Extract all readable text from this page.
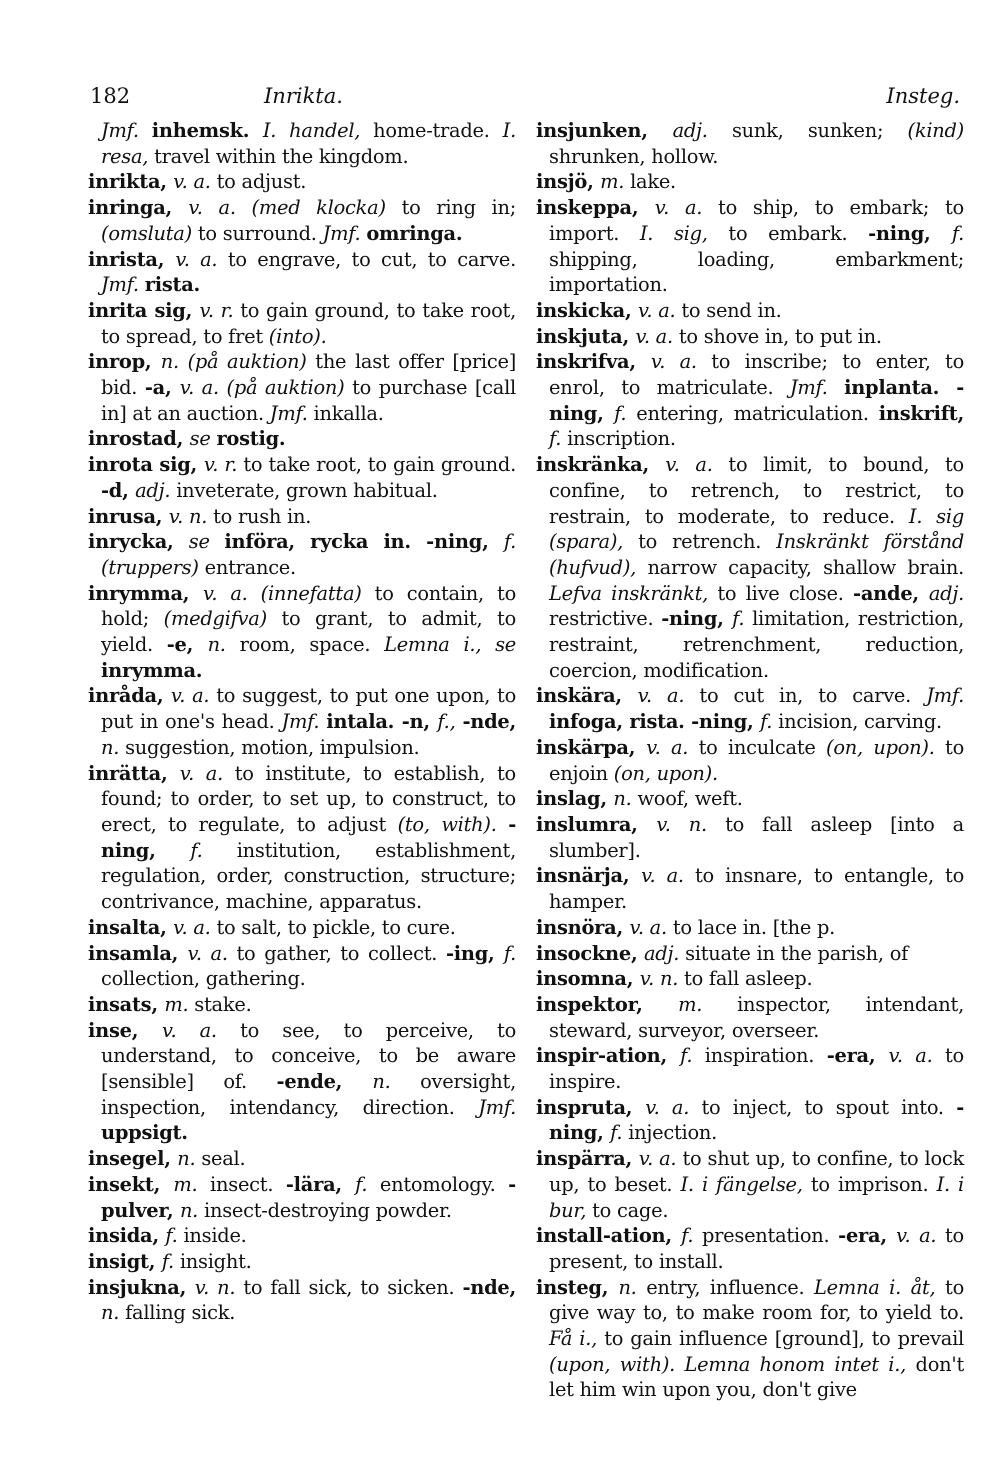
182	Inrikta.	Insteg.
Jmf. inhemsk. I. handel, home-trade. I. resa, travel within the kingdom.
inrikta, v. a. to adjust.
inringa, v. a. (med klocka) to ring in; (omsluta) to surround. Jmf. omringa.
inrista, v. a. to engrave, to cut, to carve. Jmf. rista.
inrita sig, v. r. to gain ground, to take root, to spread, to fret (into).
inrop, n. (på auktion) the last offer [price] bid. -a, v. a. (på auktion) to purchase [call in] at an auction. Jmf. inkalla.
inrostad, se rostig.
inrota sig, v. r. to take root, to gain ground. -d, adj. inveterate, grown habitual.
inrusa, v. n. to rush in.
inrycka, se införa, rycka in. -ning, f. (truppers) entrance.
inrymma, v. a. (innefatta) to contain, to hold; (medgifva) to grant, to admit, to yield. -e, n. room, space. Lemna i., se inrymma.
inråda, v. a. to suggest, to put one upon, to put in one's head. Jmf. intala. -n, f., -nde, n. suggestion, motion, impulsion.
inrätta, v. a. to institute, to establish, to found; to order, to set up, to construct, to erect, to regulate, to adjust (to, with). -ning, f. institution, establishment, regulation, order, construction, structure; contrivance, machine, apparatus.
insalta, v. a. to salt, to pickle, to cure.
insamla, v. a. to gather, to collect. -ing, f. collection, gathering.
insats, m. stake.
inse, v. a. to see, to perceive, to understand, to conceive, to be aware [sensible] of. -ende, n. oversight, inspection, intendancy, direction. Jmf. uppsigt.
insegel, n. seal.
insekt, m. insect. -lära, f. entomology. -pulver, n. insect-destroying powder.
insida, f. inside.
insigt, f. insight.
insjukna, v. n. to fall sick, to sicken. -nde, n. falling sick.
insjunken, adj. sunk, sunken; (kind) shrunken, hollow.
insjö, m. lake.
inskeppa, v. a. to ship, to embark; to import. I. sig, to embark. -ning, f. shipping, loading, embarkment; importation.
inskicka, v. a. to send in.
inskjuta, v. a. to shove in, to put in.
inskrifva, v. a. to inscribe; to enter, to enrol, to matriculate. Jmf. inplanta. -ning, f. entering, matriculation. inskrift, f. inscription.
inskränka, v. a. to limit, to bound, to confine, to retrench, to restrict, to restrain, to moderate, to reduce. I. sig (spara), to retrench. Inskränkt förstånd (hufvud), narrow capacity, shallow brain. Lefva inskränkt, to live close. -ande, adj. restrictive. -ning, f. limitation, restriction, restraint, retrenchment, reduction, coercion, modification.
inskära, v. a. to cut in, to carve. Jmf. infoga, rista. -ning, f. incision, carving.
inskärpa, v. a. to inculcate (on, upon). to enjoin (on, upon).
inslag, n. woof, weft.
inslumra, v. n. to fall asleep [into a slumber].
insnärja, v. a. to insnare, to entangle, to hamper.
insnöra, v. a. to lace in. [the p.
insockne, adj. situate in the parish, of
insomna, v. n. to fall asleep.
inspektor, m. inspector, intendant, steward, surveyor, overseer.
inspir-ation, f. inspiration. -era, v. a. to inspire.
inspruta, v. a. to inject, to spout into. -ning, f. injection.
inspärra, v. a. to shut up, to confine, to lock up, to beset. I. i fängelse, to imprison. I. i bur, to cage.
install-ation, f. presentation. -era, v. a. to present, to install.
insteg, n. entry, influence. Lemna i. åt, to give way to, to make room for, to yield to. Få i., to gain influence [ground], to prevail (upon, with). Lemna honom intet i., don't let him win upon you, don't give
